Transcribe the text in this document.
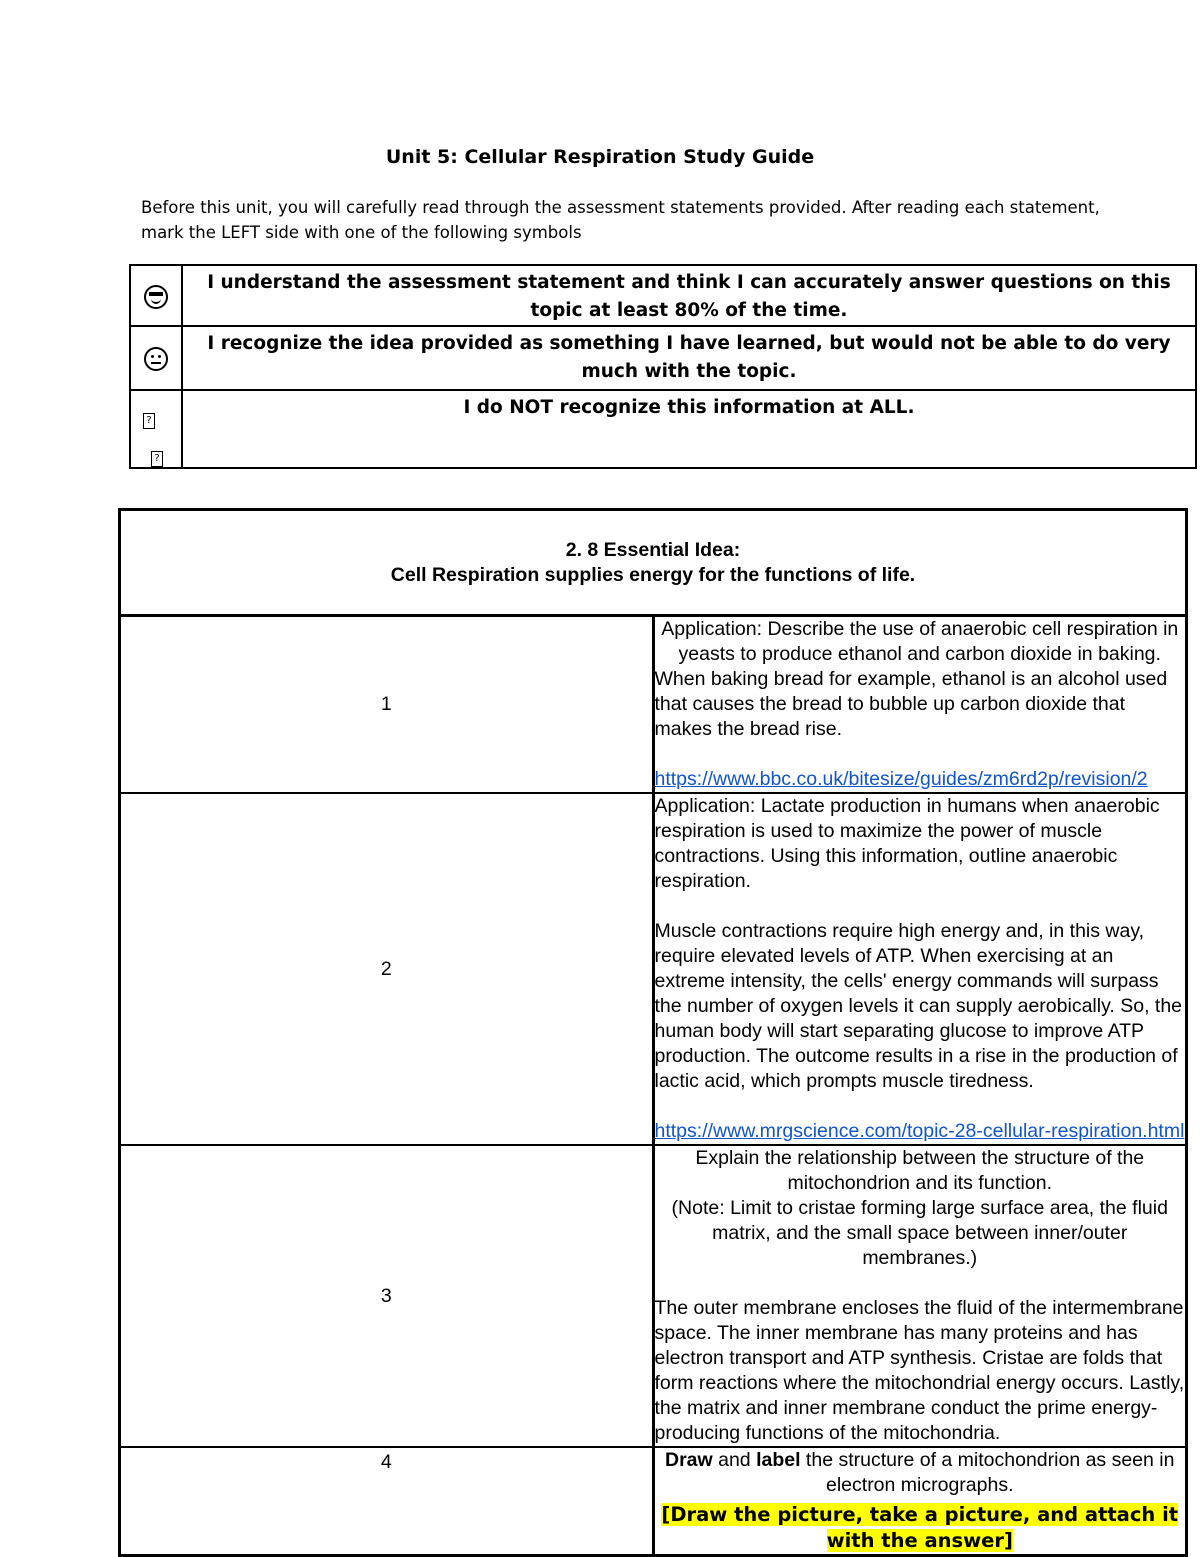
Unit 5: Cellular Respiration Study Guide
Before this unit, you will carefully read through the assessment statements provided. After reading each statement, mark the LEFT side with one of the following symbols
	I understand the assessment statement and think I can accurately answer questions on this topic at least 80% of the time.

	I recognize the idea provided as something I have learned, but would not be able to do very much with the topic.

?
?	I do NOT recognize this information at ALL.
2. 8 Essential Idea:
Cell Respiration supplies energy for the functions of life.	

1	Application: Describe the use of anaerobic cell respiration in yeasts to produce ethanol and carbon dioxide in baking.
When baking bread for example, ethanol is an alcohol used that causes the bread to bubble up carbon dioxide that makes the bread rise.
https://www.bbc.co.uk/bitesize/guides/zm6rd2p/revision/2

2	Application: Lactate production in humans when anaerobic respiration is used to maximize the power of muscle contractions. Using this information, outline anaerobic respiration.
Muscle contractions require high energy and, in this way, require elevated levels of ATP. When exercising at an extreme intensity, the cells' energy commands will surpass the number of oxygen levels it can supply aerobically. So, the human body will start separating glucose to improve ATP production. The outcome results in a rise in the production of lactic acid, which prompts muscle tiredness.
https://www.mrgscience.com/topic-28-cellular-respiration.html

3	Explain the relationship between the structure of the mitochondrion and its function.
(Note: Limit to cristae forming large surface area, the fluid matrix, and the small space between inner/outer membranes.)
The outer membrane encloses the fluid of the intermembrane space. The inner membrane has many proteins and has electron transport and ATP synthesis. Cristae are folds that form reactions where the mitochondrial energy occurs. Lastly, the matrix and inner membrane conduct the prime energy-producing functions of the mitochondria.

4	Draw and label the structure of a mitochondrion as seen in electron micrographs.
[Draw the picture, take a picture, and attach it with the answer]
